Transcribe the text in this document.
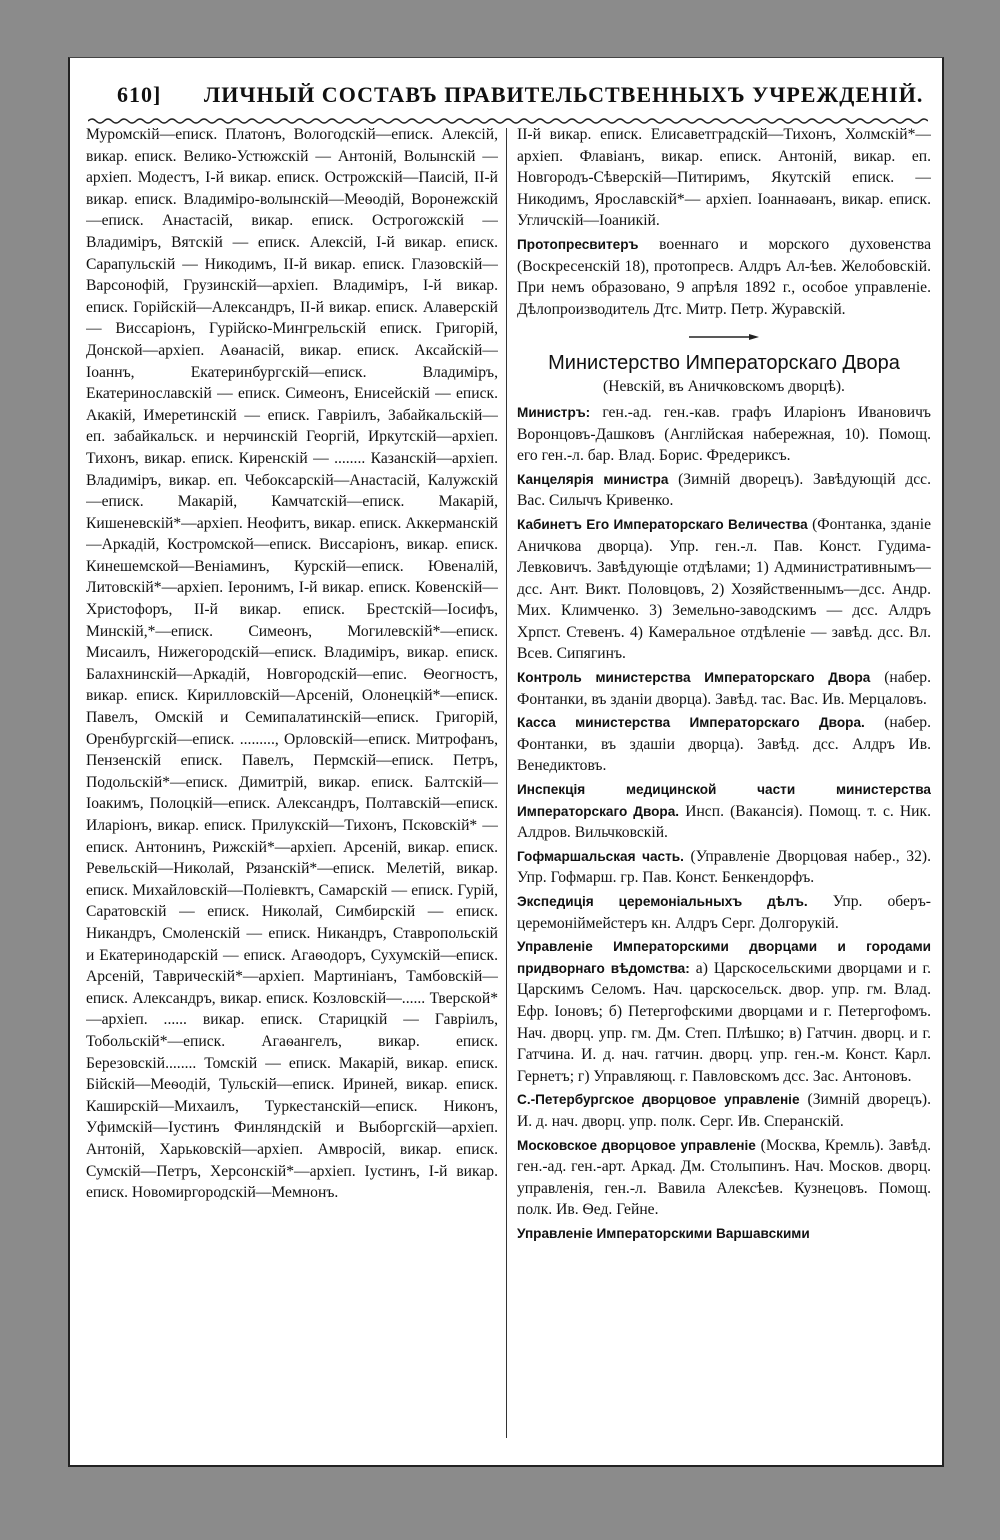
610] ЛИЧНЫЙ СОСТАВЪ ПРАВИТЕЛЬСТВЕННЫХЪ УЧРЕЖДЕНІЙ.

Муромскій—еписк. Платонъ, Вологодскій—еписк. Алексій, викар. еписк. Велико-Устюжскій — Антоній, Волынскій — архіеп. Модестъ, I-й викар. еписк. Острожскій—Паисій, II-й викар. еписк. Владиміро-волынскій—Меѳодій, Воронежскій—еписк. Анастасій, викар. еписк. Острогожскій — Владиміръ, Вятскій — еписк. Алексій, I-й викар. еписк. Сарапульскій — Никодимъ, II-й викар. еписк. Глазовскій—Варсонофій, Грузинскій—архіеп. Владиміръ, I-й викар. еписк. Горійскій—Александръ, II-й викар. еписк. Алаверскій — Виссаріонъ, Гурійско-Мингрельскій еписк. Григорій, Донской—архіеп. Аѳанасій, викар. еписк. Аксайскій—Іоаннъ, Екатеринбургскій—еписк. Владиміръ, Екатеринославскій — еписк. Симеонъ, Енисейскій — еписк. Акакій, Имеретинскій — еписк. Гавріилъ, Забайкальскій—еп. забайкальск. и нерчинскій Георгій, Иркутскій—архіеп. Тихонъ, викар. еписк. Киренскій — ........ Казанскій—архіеп. Владиміръ, викар. еп. Чебоксарскій—Анастасій, Калужскій—еписк. Макарій, Камчатскій—еписк. Макарій, Кишеневскій*—архіеп. Неофитъ, викар. еписк. Аккерманскій—Аркадій, Костромской—еписк. Виссаріонъ, викар. еписк. Кинешемской—Веніаминъ, Курскій—еписк. Ювеналій, Литовскій*—архіеп. Іеронимъ, I-й викар. еписк. Ковенскій—Христофоръ, II-й викар. еписк. Брестскій—Іосифъ, Минскій,*—еписк. Симеонъ, Могилевскій*—еписк. Мисаилъ, Нижегородскій—еписк. Владиміръ, викар. еписк. Балахнинскій—Аркадій, Новгородскій—епис. Ѳеогностъ, викар. еписк. Кирилловскій—Арсеній, Олонецкій*—еписк. Павелъ, Омскій и Семипалатинскій—еписк. Григорій, Оренбургскій—еписк. ........., Орловскій—еписк. Митрофанъ, Пензенскій еписк. Павелъ, Пермскій—еписк. Петръ, Подольскій*—еписк. Димитрій, викар. еписк. Балтскій—Іоакимъ, Полоцкій—еписк. Александръ, Полтавскій—еписк. Иларіонъ, викар. еписк. Прилукскій—Тихонъ, Псковскій* — еписк. Антонинъ, Рижскій*—архіеп. Арсеній, викар. еписк. Ревельскій—Николай, Рязанскій*—еписк. Мелетій, викар. еписк. Михайловскій—Поліевктъ, Самарскій — еписк. Гурій, Саратовскій — еписк. Николай, Симбирскій — еписк. Никандръ, Смоленскій — еписк. Никандръ, Ставропольскій и Екатеринодарскій — еписк. Агаѳодоръ, Сухумскій—еписк. Арсеній, Таврическій*—архіеп. Мартиніанъ, Тамбовскій—еписк. Александръ, викар. еписк. Козловскій—...... Тверской*—архіеп. ...... викар. еписк. Старицкій — Гавріилъ, Тобольскій*—еписк. Агаѳангелъ, викар. еписк. Березовскій........ Томскій — еписк. Макарій, викар. еписк. Бійскій—Меѳодій, Тульскій—еписк. Ириней, викар. еписк. Каширскій—Михаилъ, Туркестанскій—еписк. Никонъ, Уфимскій—Іустинъ Финляндскій и Выборгскій—архіеп. Антоній, Харьковскій—архіеп. Амвросій, викар. еписк. Сумскій—Петръ, Херсонскій*—архіеп. Іустинъ, I-й викар. еписк. Новомиргородскій—Мемнонъ.

II-й викар. еписк. Елисаветградскій—Тихонъ, Холмскій*—архіеп. Флавіанъ, викар. еписк. Антоній, викар. еп. Новгородъ-Сѣверскій—Питиримъ, Якутскій еписк. — Никодимъ, Ярославскій*— архіеп. Іоаннаѳанъ, викар. еписк. Угличскій—Іоаникій.

Протопресвитеръ военнаго и морского духовенства (Воскресенскій 18), протопресв. Алдръ Ал-ѣев. Желобовскій. При немъ образовано, 9 апрѣля 1892 г., особое управленіе. Дѣлопроизводитель Дтс. Митр. Петр. Журавскій.

Министерство Императорскаго Двора
(Невскій, въ Аничковскомъ дворцѣ).

Министръ: ген.-ад. ген.-кав. графъ Иларіонъ Ивановичъ Воронцовъ-Дашковъ (Англійская набережная, 10). Помощ. его ген.-л. бар. Влад. Борис. Фредериксъ.

Канцелярія министра (Зимній дворецъ). Завѣдующій дсс. Вас. Силычъ Кривенко.

Кабинетъ Его Императорскаго Величества (Фонтанка, зданіе Аничкова дворца). Упр. ген.-л. Пав. Конст. Гудима-Левковичъ. Завѣдующіе отдѣлами; 1) Административнымъ—дсс. Ант. Викт. Половцовъ, 2) Хозяйственнымъ—дсс. Андр. Мих. Климченко. 3) Земельно-заводскимъ — дсс. Алдръ Хрпст. Стевенъ. 4) Камеральное отдѣленіе — завѣд. дсс. Вл. Всев. Сипягинъ.

Контроль министерства Императорскаго Двора (набер. Фонтанки, въ зданіи дворца). Завѣд. тас. Вас. Ив. Мерцаловъ.

Касса министерства Императорскаго Двора. (набер. Фонтанки, въ здашіи дворца). Завѣд. дсс. Алдръ Ив. Венедиктовъ.

Инспекція медицинской части министерства Императорскаго Двора. Инсп. (Вакансія). Помощ. т. с. Ник. Алдров. Вильчковскій.

Гофмаршальская часть. (Управленіе Дворцовая набер., 32). Упр. Гофмарш. гр. Пав. Конст. Бенкендорфъ.

Экспедиція церемоніальныхъ дѣлъ. Упр. оберъ-церемоніймейстеръ кн. Алдръ Серг. Долгорукій.

Управленіе Императорскими дворцами и городами придворнаго вѣдомства: а) Царскосельскими дворцами и г. Царскимъ Селомъ. Нач. царскосельск. двор. упр. гм. Влад. Ефр. Іоновъ; б) Петергофскими дворцами и г. Петергофомъ. Нач. дворц. упр. гм. Дм. Степ. Плѣшко; в) Гатчин. дворц. и г. Гатчина. И. д. нач. гатчин. дворц. упр. ген.-м. Конст. Карл. Гернетъ; г) Управляющ. г. Павловскомъ дсс. Зас. Антоновъ.

С.-Петербургское дворцовое управленіе (Зимній дворецъ). И. д. нач. дворц. упр. полк. Серг. Ив. Сперанскій.

Московское дворцовое управленіе (Москва, Кремль). Завѣд. ген.-ад. ген.-арт. Аркад. Дм. Столыпинъ. Нач. Москов. дворц. управленія, ген.-л. Вавила Алексѣев. Кузнецовъ. Помощ. полк. Ив. Ѳед. Гейне.

Управленіе Императорскими Варшавскими
